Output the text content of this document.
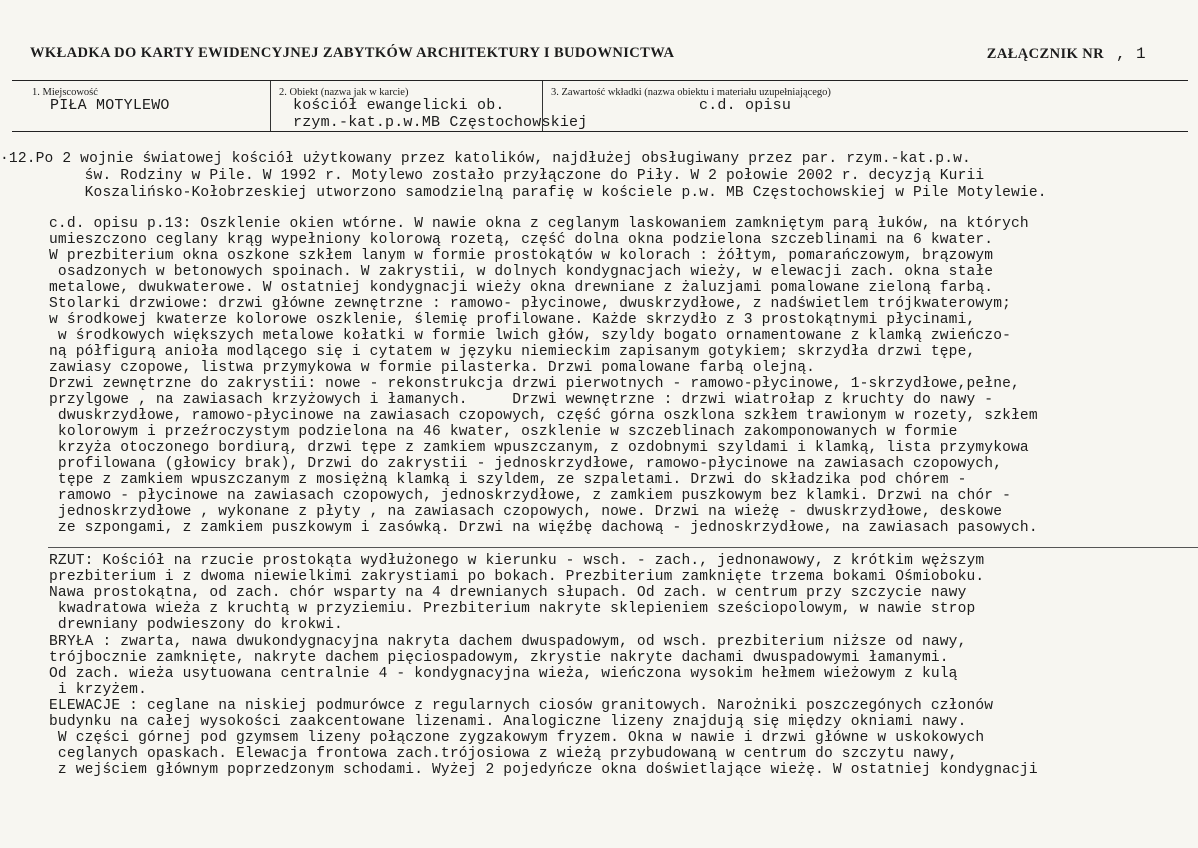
WKŁADKA DO KARTY EWIDENCYJNEJ ZABYTKÓW ARCHITEKTURY I BUDOWNICTWA	ZAŁĄCZNIK NR , 1
1. Miejscowość
PIŁA MOTYLEWO
2. Obiekt (nazwa jak w karcie)
kościół ewangelicki ob.
rzym.-kat.p.w.MB Częstochowskiej
3. Zawartość wkładki (nazwa obiektu i materiału uzupełniającego)
c.d. opisu
·12.Po 2 wojnie światowej kościół użytkowany przez katolików, najdłużej obsługiwany przez par. rzym.-kat.p.w.
św. Rodziny w Pile. W 1992 r. Motylewo zostało przyłączone do Piły. W 2 połowie 2002 r. decyzją Kurii
Koszalińsko-Kołobrzeskiej utworzono samodzielną parafię w kościele p.w. MB Częstochowskiej w Pile Motylewie.
c.d. opisu p.13: Oszklenie okien wtórne. W nawie okna z ceglanym laskowaniem zamkniętym parą łuków, na których
umieszczono ceglany krąg wypełniony kolorową rozetą, część dolna okna podzielona szczeblinami na 6 kwater.
W prezbiterium okna oszkone szkłem lanym w formie prostokątów w kolorach : żółtym, pomarańczowym, brązowym
osadzonych w betonowych spoinach. W zakrystii, w dolnych kondygnacjach wieży, w elewacji zach. okna stałe
metalowe, dwukwaterowe. W ostatniej kondygnacji wieży okna drewniane z żaluzjami pomalowane zieloną farbą.
Stolarki drzwiowe: drzwi główne zewnętrzne : ramowo- płycinowe, dwuskrzydłowe, z nadświetlem trójkwaterowym;
w środkowej kwaterze kolorowe oszklenie, ślemię profilowane. Każde skrzydło z 3 prostokątnymi płycinami,
w środkowych większych metalowe kołatki w formie lwich głów, szyldy bogato ornamentowane z klamką zwieńczo-
ną półfigurą anioła modlącego się i cytatem w języku niemieckim zapisanym gotykiem; skrzydła drzwi tępe,
zawiasy czopowe, listwa przymykowa w formie pilasterka. Drzwi pomalowane farbą olejną.
Drzwi zewnętrzne do zakrystii: nowe - rekonstrukcja drzwi pierwotnych - ramowo-płycinowe, 1-skrzydłowe,pełne,
przylgowe , na zawiasach krzyżowych i łamanych.     Drzwi wewnętrzne : drzwi wiatrołap z kruchty do nawy -
dwuskrzydłowe, ramowo-płycinowe na zawiasach czopowych, część górna oszklona szkłem trawionym w rozety, szkłem
kolorowym i przeźroczystym podzielona na 46 kwater, oszklenie w szczeblinach zakomponowanych w formie
krzyża otoczonego bordiurą, drzwi tępe z zamkiem wpuszczanym, z ozdobnymi szyldami i klamką, listа przymykowa
profilowana (głowicy brak), Drzwi do zakrystii - jednoskrzydłowe, ramowo-płycinowe na zawiasach czopowych,
tępe z zamkiem wpuszczanym z mosiężną klamką i szyldem, ze szpaletami. Drzwi do składzika pod chórem -
ramowo - płycinowe na zawiasach czopowych, jednoskrzydłowe, z zamkiem puszkowym bez klamki. Drzwi na chór -
jednoskrzydłowe , wykonane z płyty , na zawiasach czopowych, nowe. Drzwi na wieżę - dwuskrzydłowe, deskowe
ze szpongami, z zamkiem puszkowym i zasówką. Drzwi na więźbę dachową - jednoskrzydłowe, na zawiasach pasowych.
RZUT: Kościół na rzucie prostokąta wydłużonego w kierunku - wsch. - zach., jednonawowy, z krótkim węższym
prezbiterium i z dwoma niewielkimi zakrystiami po bokach. Prezbiterium zamknięte trzema bokami Ośmioboku.
Nawa prostokątna, od zach. chór wsparty na 4 drewnianych słupach. Od zach. w centrum przy szczycie nawy
kwadratowa wieża z kruchtą w przyziemiu. Prezbiterium nakryte sklepieniem sześciopolowym, w nawie strop
drewniany podwieszony do krokwi.
BRYŁA : zwarta, nawa dwukondygnacyjna nakryta dachem dwuspadowym, od wsch. prezbiterium niższe od nawy,
trójbocznie zamknięte, nakryte dachem pięciospadowym, zkrystie nakryte dachami dwuspadowymi łamanymi.
Od zach. wieża usytuowana centralnie 4 - kondygnacyjna wieża, wieńczona wysokim hełmem wieżowym z kulą
i krzyżem.
ELEWACJE : ceglane na niskiej podmurówce z regularnych ciosów granitowych. Narożniki poszczegónych członów
budynku na całej wysokości zaakcentowane lizenami. Analogiczne lizeny znajdują się między okniami nawy.
W części górnej pod gzymsem lizeny połączone zygzakowym fryzem. Okna w nawie i drzwi główne w uskokowych
ceglanych opaskach. Elewacja frontowa zach.trójosiowa z wieżą przybudowaną w centrum do szczytu nawy,
z wejściem głównym poprzedzonym schodami. Wyżej 2 pojedyńcze okna doświetlające wieżę. W ostatniej kondygnacji
